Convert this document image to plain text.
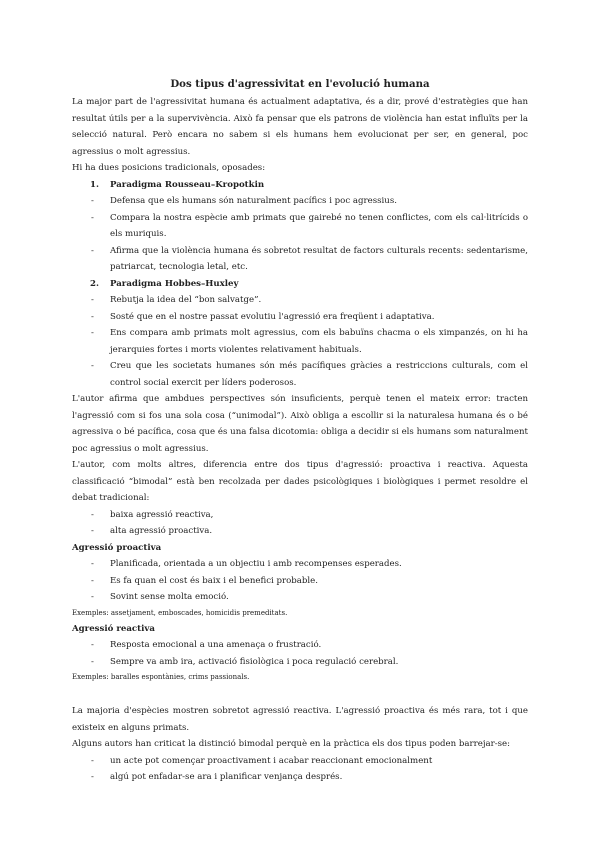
Dos tipus d'agressivitat en l'evolució humana

La major part de l'agressivitat humana és actualment adaptativa, és a dir, prové d'estratègies que han resultat útils per a la supervivència. Això fa pensar que els patrons de violència han estat influïts per la selecció natural. Però encara no sabem si els humans hem evolucionat per ser, en general, poc agressius o molt agressius.

Hi ha dues posicions tradicionals, oposades:

1. Paradigma Rousseau–Kropotkin
- Defensa que els humans són naturalment pacífics i poc agressius.
- Compara la nostra espècie amb primats que gairebé no tenen conflictes, com els cal·litrícids o els muriquis.
- Afirma que la violència humana és sobretot resultat de factors culturals recents: sedentarisme, patriarcat, tecnologia letal, etc.
2. Paradigma Hobbes–Huxley
- Rebutja la idea del “bon salvatge”.
- Sosté que en el nostre passat evolutiu l'agressió era freqüent i adaptativa.
- Ens compara amb primats molt agressius, com els babuïns chacma o els ximpanzés, on hi ha jerarquies fortes i morts violentes relativament habituals.
- Creu que les societats humanes són més pacífiques gràcies a restriccions culturals, com el control social exercit per líders poderosos.

L'autor afirma que ambdues perspectives són insuficients, perquè tenen el mateix error: tracten l'agressió com si fos una sola cosa (“unimodal”). Això obliga a escollir si la naturalesa humana és o bé agressiva o bé pacífica, cosa que és una falsa dicotomia: obliga a decidir si els humans som naturalment poc agressius o molt agressius.

L'autor, com molts altres, diferencia entre dos tipus d'agressió: proactiva i reactiva. Aquesta classificació “bimodal” està ben recolzada per dades psicològiques i biològiques i permet resoldre el debat tradicional:

- baixa agressió reactiva,
- alta agressió proactiva.
Agressió proactiva
- Planificada, orientada a un objectiu i amb recompenses esperades.
- Es fa quan el cost és baix i el benefici probable.
- Sovint sense molta emoció.

Exemples: assetjament, emboscades, homicidis premeditats.

Agressió reactiva
- Resposta emocional a una amenaça o frustració.
- Sempre va amb ira, activació fisiològica i poca regulació cerebral.

Exemples: baralles espontànies, crims passionals.

La majoria d'espècies mostren sobretot agressió reactiva. L'agressió proactiva és més rara, tot i que existeix en alguns primats.

Alguns autors han criticat la distinció bimodal perquè en la pràctica els dos tipus poden barrejar-se:

- un acte pot començar proactivament i acabar reaccionant emocionalment
- algú pot enfadar-se ara i planificar venjança després.
